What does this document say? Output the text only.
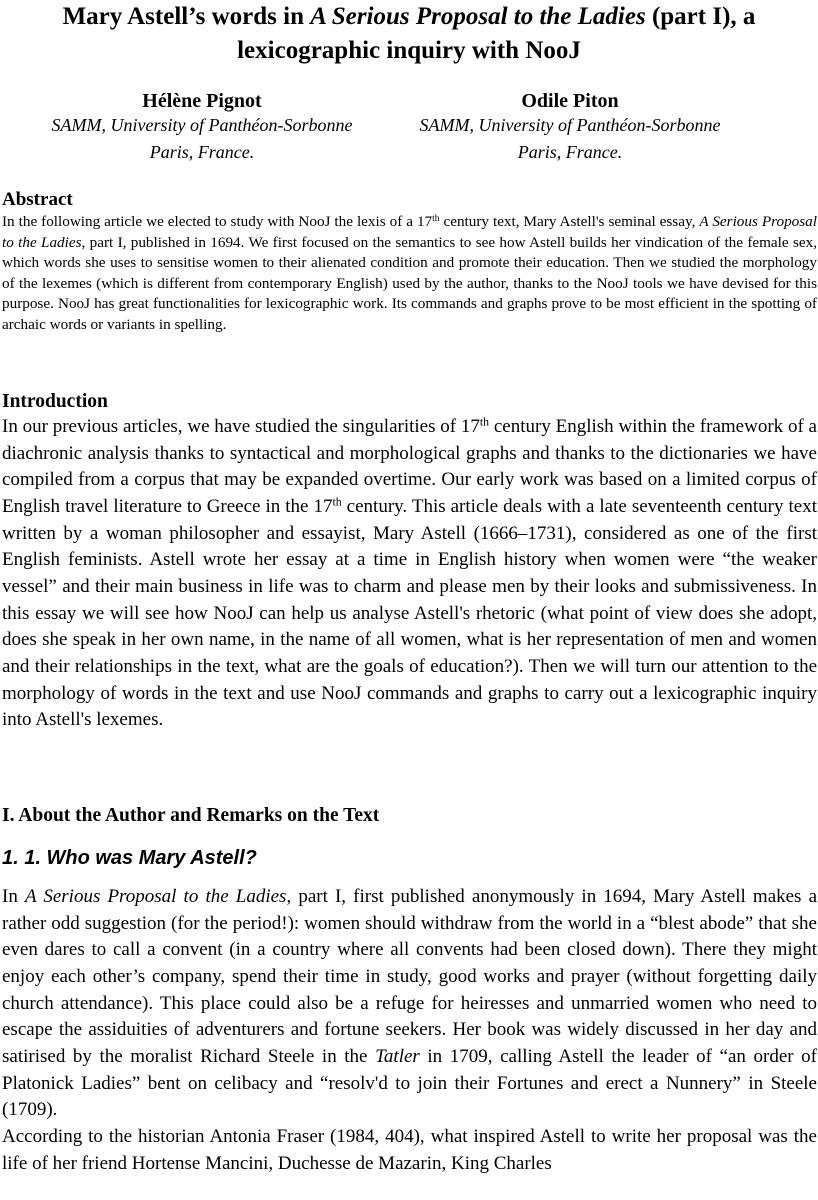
Mary Astell’s words in A Serious Proposal to the Ladies (part I), a lexicographic inquiry with NooJ
Hélène Pignot
SAMM, University of Panthéon-Sorbonne
Paris, France.
Odile Piton
SAMM, University of Panthéon-Sorbonne
Paris, France.
Abstract

In the following article we elected to study with NooJ the lexis of a 17th century text, Mary Astell's seminal essay, A Serious Proposal to the Ladies, part I, published in 1694. We first focused on the semantics to see how Astell builds her vindication of the female sex, which words she uses to sensitise women to their alienated condition and promote their education. Then we studied the morphology of the lexemes (which is different from contemporary English) used by the author, thanks to the NooJ tools we have devised for this purpose. NooJ has great functionalities for lexicographic work. Its commands and graphs prove to be most efficient in the spotting of archaic words or variants in spelling.

Introduction

In our previous articles, we have studied the singularities of 17th century English within the framework of a diachronic analysis thanks to syntactical and morphological graphs and thanks to the dictionaries we have compiled from a corpus that may be expanded overtime. Our early work was based on a limited corpus of English travel literature to Greece in the 17th century. This article deals with a late seventeenth century text written by a woman philosopher and essayist, Mary Astell (1666–1731), considered as one of the first English feminists. Astell wrote her essay at a time in English history when women were “the weaker vessel” and their main business in life was to charm and please men by their looks and submissiveness. In this essay we will see how NooJ can help us analyse Astell's rhetoric (what point of view does she adopt, does she speak in her own name, in the name of all women, what is her representation of men and women and their relationships in the text, what are the goals of education?). Then we will turn our attention to the morphology of words in the text and use NooJ commands and graphs to carry out a lexicographic inquiry into Astell's lexemes.

I. About the Author and Remarks on the Text
1. 1. Who was Mary Astell?

In A Serious Proposal to the Ladies, part I, first published anonymously in 1694, Mary Astell makes a rather odd suggestion (for the period!): women should withdraw from the world in a “blest abode” that she even dares to call a convent (in a country where all convents had been closed down). There they might enjoy each other’s company, spend their time in study, good works and prayer (without forgetting daily church attendance). This place could also be a refuge for heiresses and unmarried women who need to escape the assiduities of adventurers and fortune seekers. Her book was widely discussed in her day and satirised by the moralist Richard Steele in the Tatler in 1709, calling Astell the leader of “an order of Platonick Ladies” bent on celibacy and “resolv'd to join their Fortunes and erect a Nunnery” in Steele (1709).

According to the historian Antonia Fraser (1984, 404), what inspired Astell to write her proposal was the life of her friend Hortense Mancini, Duchesse de Mazarin, King Charles
